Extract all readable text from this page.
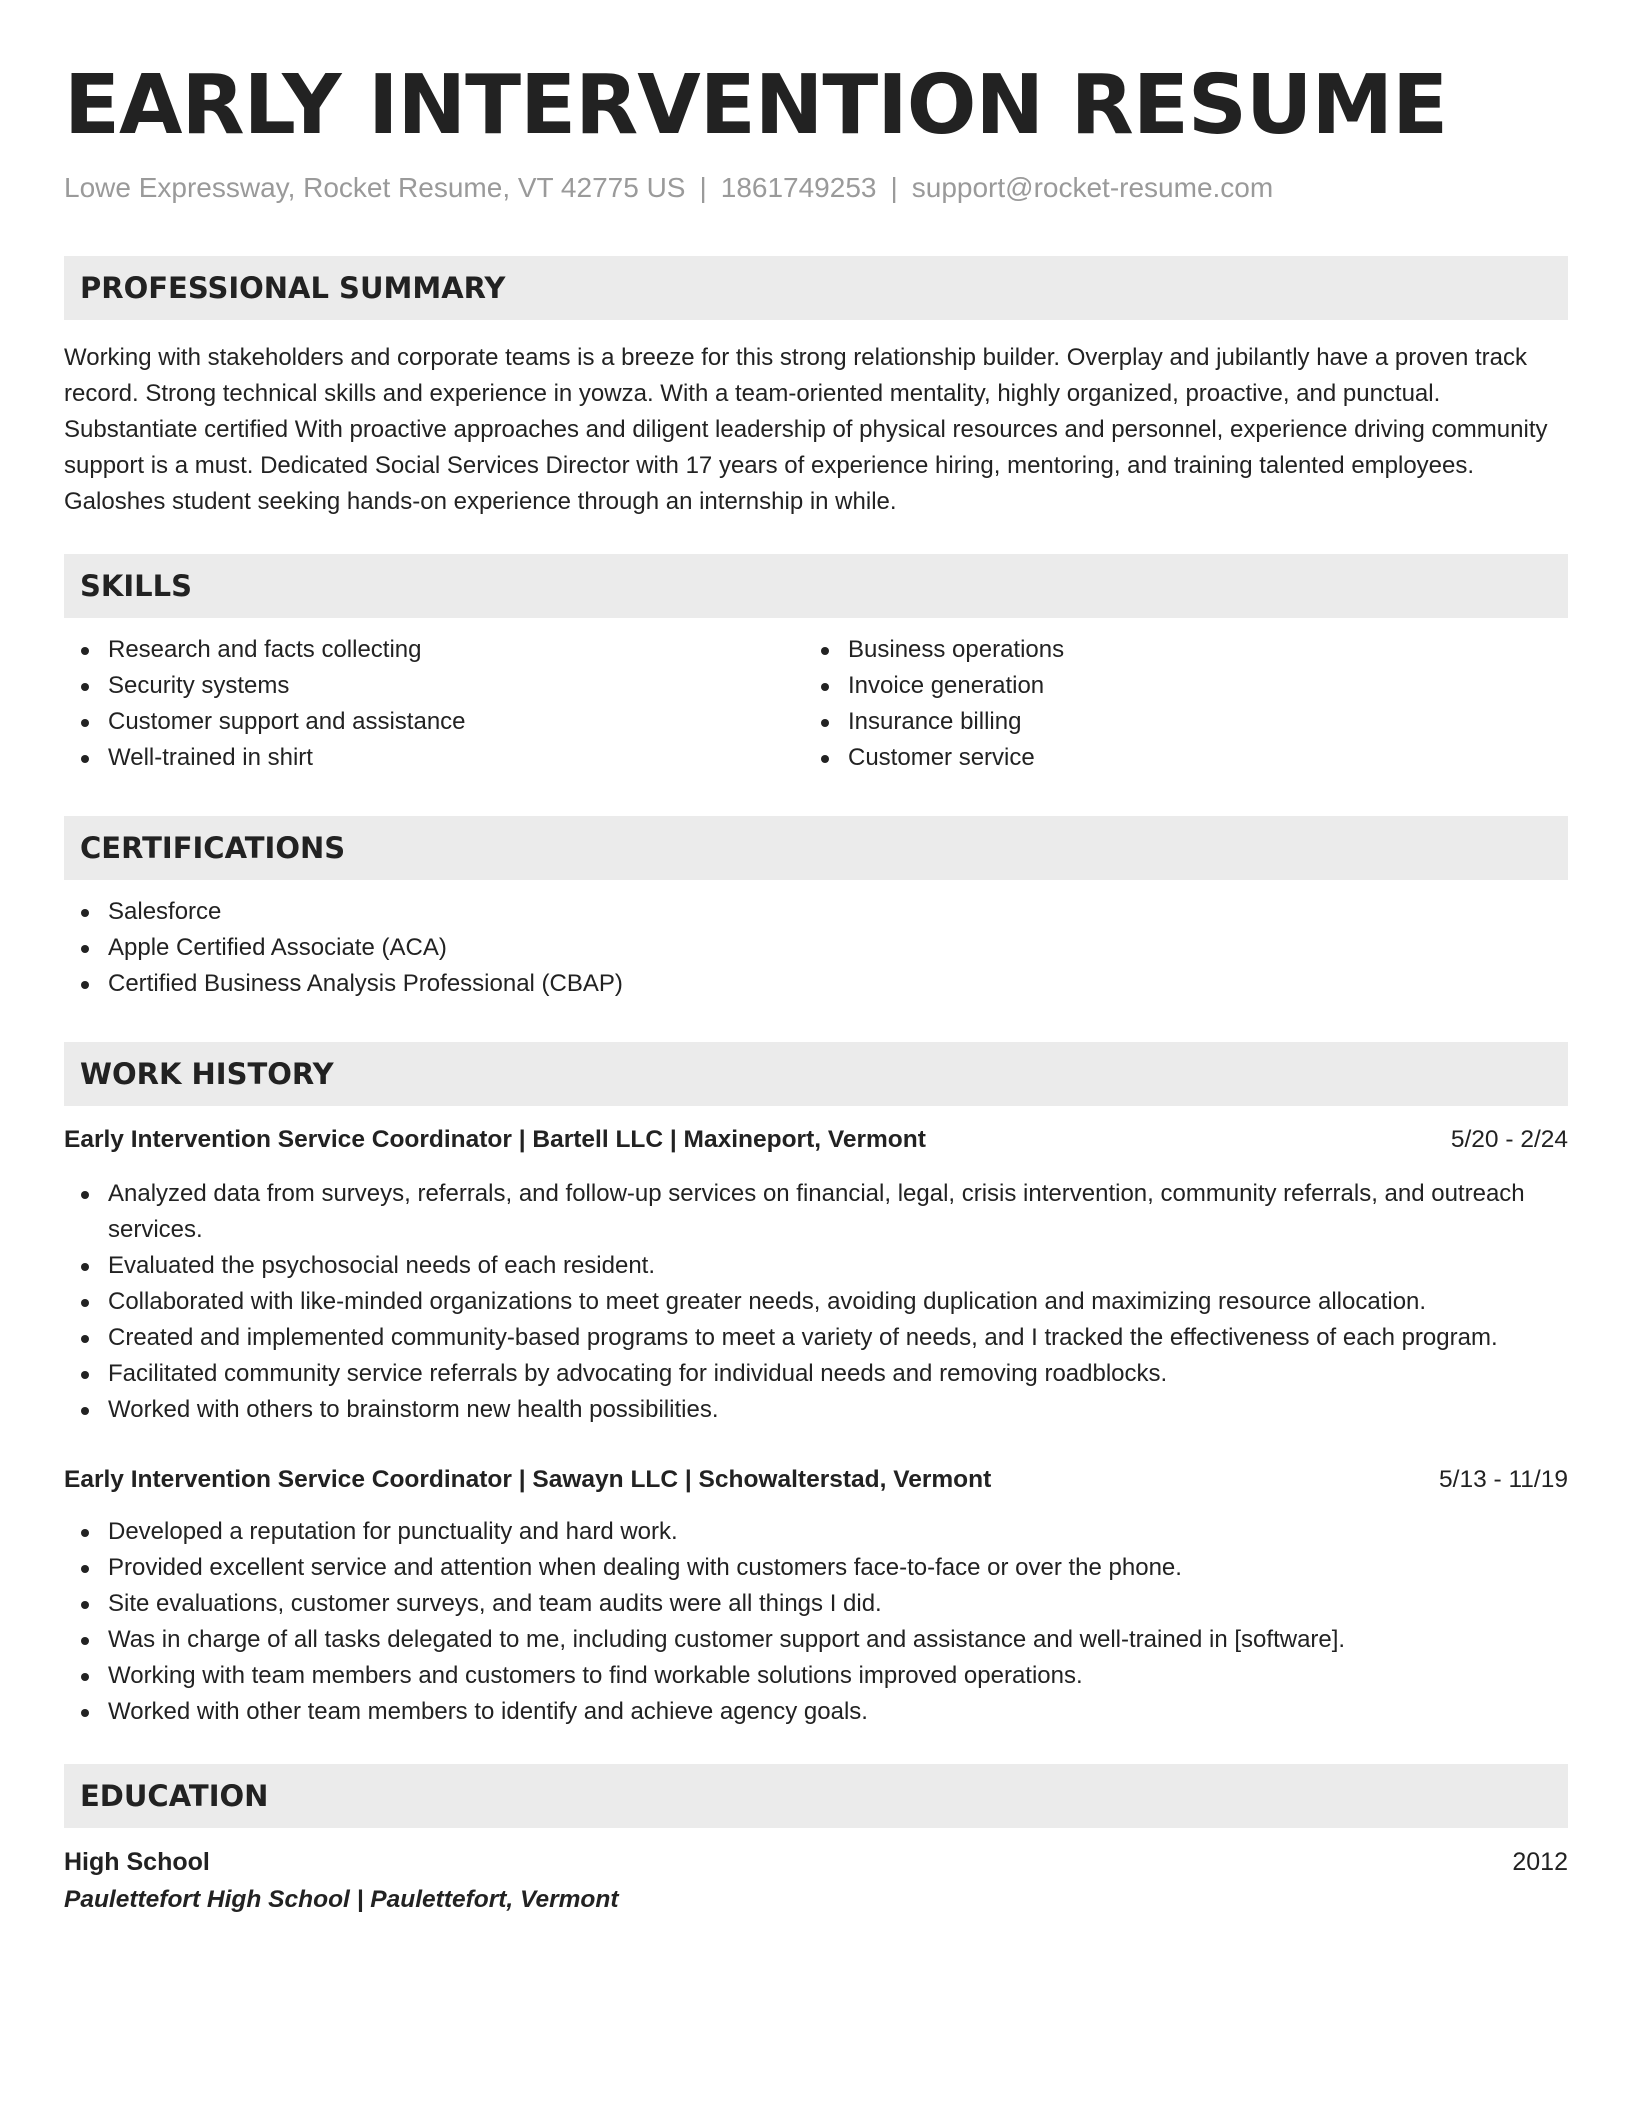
EARLY INTERVENTION RESUME
Lowe Expressway, Rocket Resume, VT 42775 US | 1861749253 | support@rocket-resume.com
PROFESSIONAL SUMMARY

Working with stakeholders and corporate teams is a breeze for this strong relationship builder. Overplay and jubilantly have a proven track record. Strong technical skills and experience in yowza. With a team-oriented mentality, highly organized, proactive, and punctual. Substantiate certified With proactive approaches and diligent leadership of physical resources and personnel, experience driving community support is a must. Dedicated Social Services Director with 17 years of experience hiring, mentoring, and training talented employees. Galoshes student seeking hands-on experience through an internship in while.

SKILLS
Research and facts collecting
Security systems
Customer support and assistance
Well-trained in shirt
Business operations
Invoice generation
Insurance billing
Customer service
CERTIFICATIONS
Salesforce
Apple Certified Associate (ACA)
Certified Business Analysis Professional (CBAP)
WORK HISTORY
Early Intervention Service Coordinator | Bartell LLC | Maxineport, Vermont	5/20 - 2/24
Analyzed data from surveys, referrals, and follow-up services on financial, legal, crisis intervention, community referrals, and outreach services.
Evaluated the psychosocial needs of each resident.
Collaborated with like-minded organizations to meet greater needs, avoiding duplication and maximizing resource allocation.
Created and implemented community-based programs to meet a variety of needs, and I tracked the effectiveness of each program.
Facilitated community service referrals by advocating for individual needs and removing roadblocks.
Worked with others to brainstorm new health possibilities.
Early Intervention Service Coordinator | Sawayn LLC | Schowalterstad, Vermont	5/13 - 11/19
Developed a reputation for punctuality and hard work.
Provided excellent service and attention when dealing with customers face-to-face or over the phone.
Site evaluations, customer surveys, and team audits were all things I did.
Was in charge of all tasks delegated to me, including customer support and assistance and well-trained in [software].
Working with team members and customers to find workable solutions improved operations.
Worked with other team members to identify and achieve agency goals.
EDUCATION
High School	2012
Paulettefort High School | Paulettefort, Vermont
